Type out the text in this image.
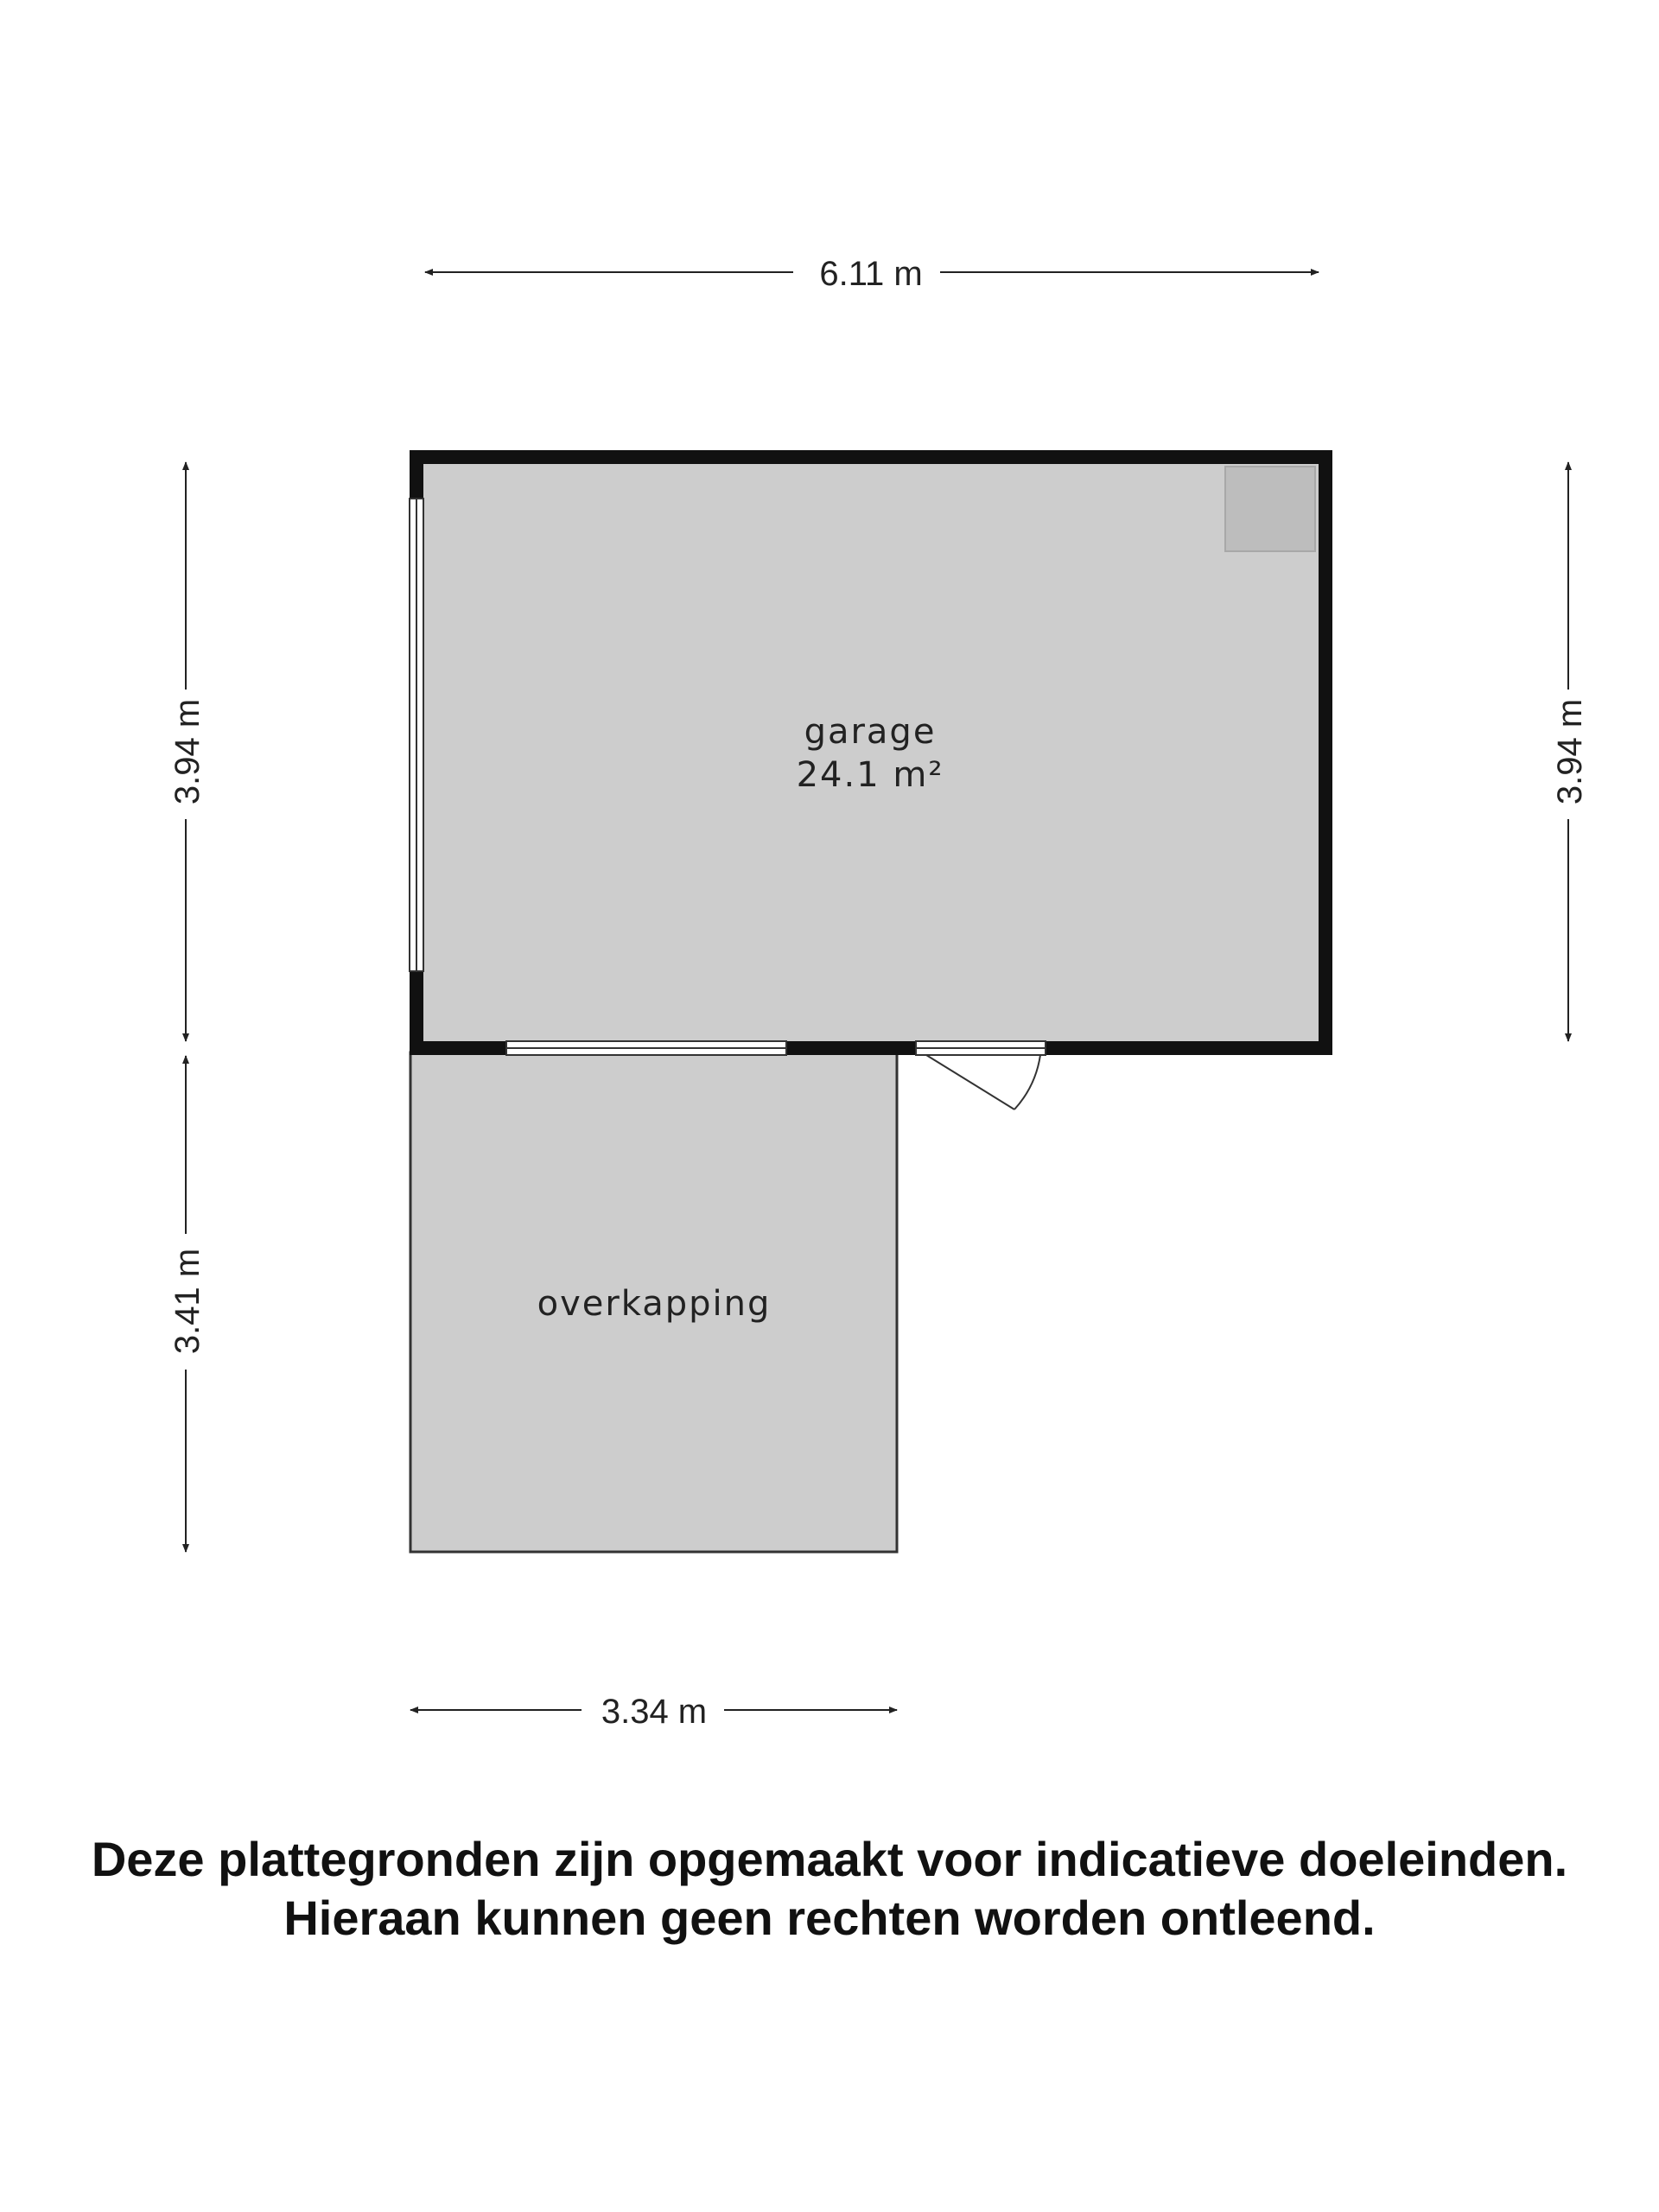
6.11 m
3.94 m	3.94 m
3.41 m
3.34 m
garage
24.1 m²
overkapping
Deze plattegronden zijn opgemaakt voor indicatieve doeleinden.
Hieraan kunnen geen rechten worden ontleend.
